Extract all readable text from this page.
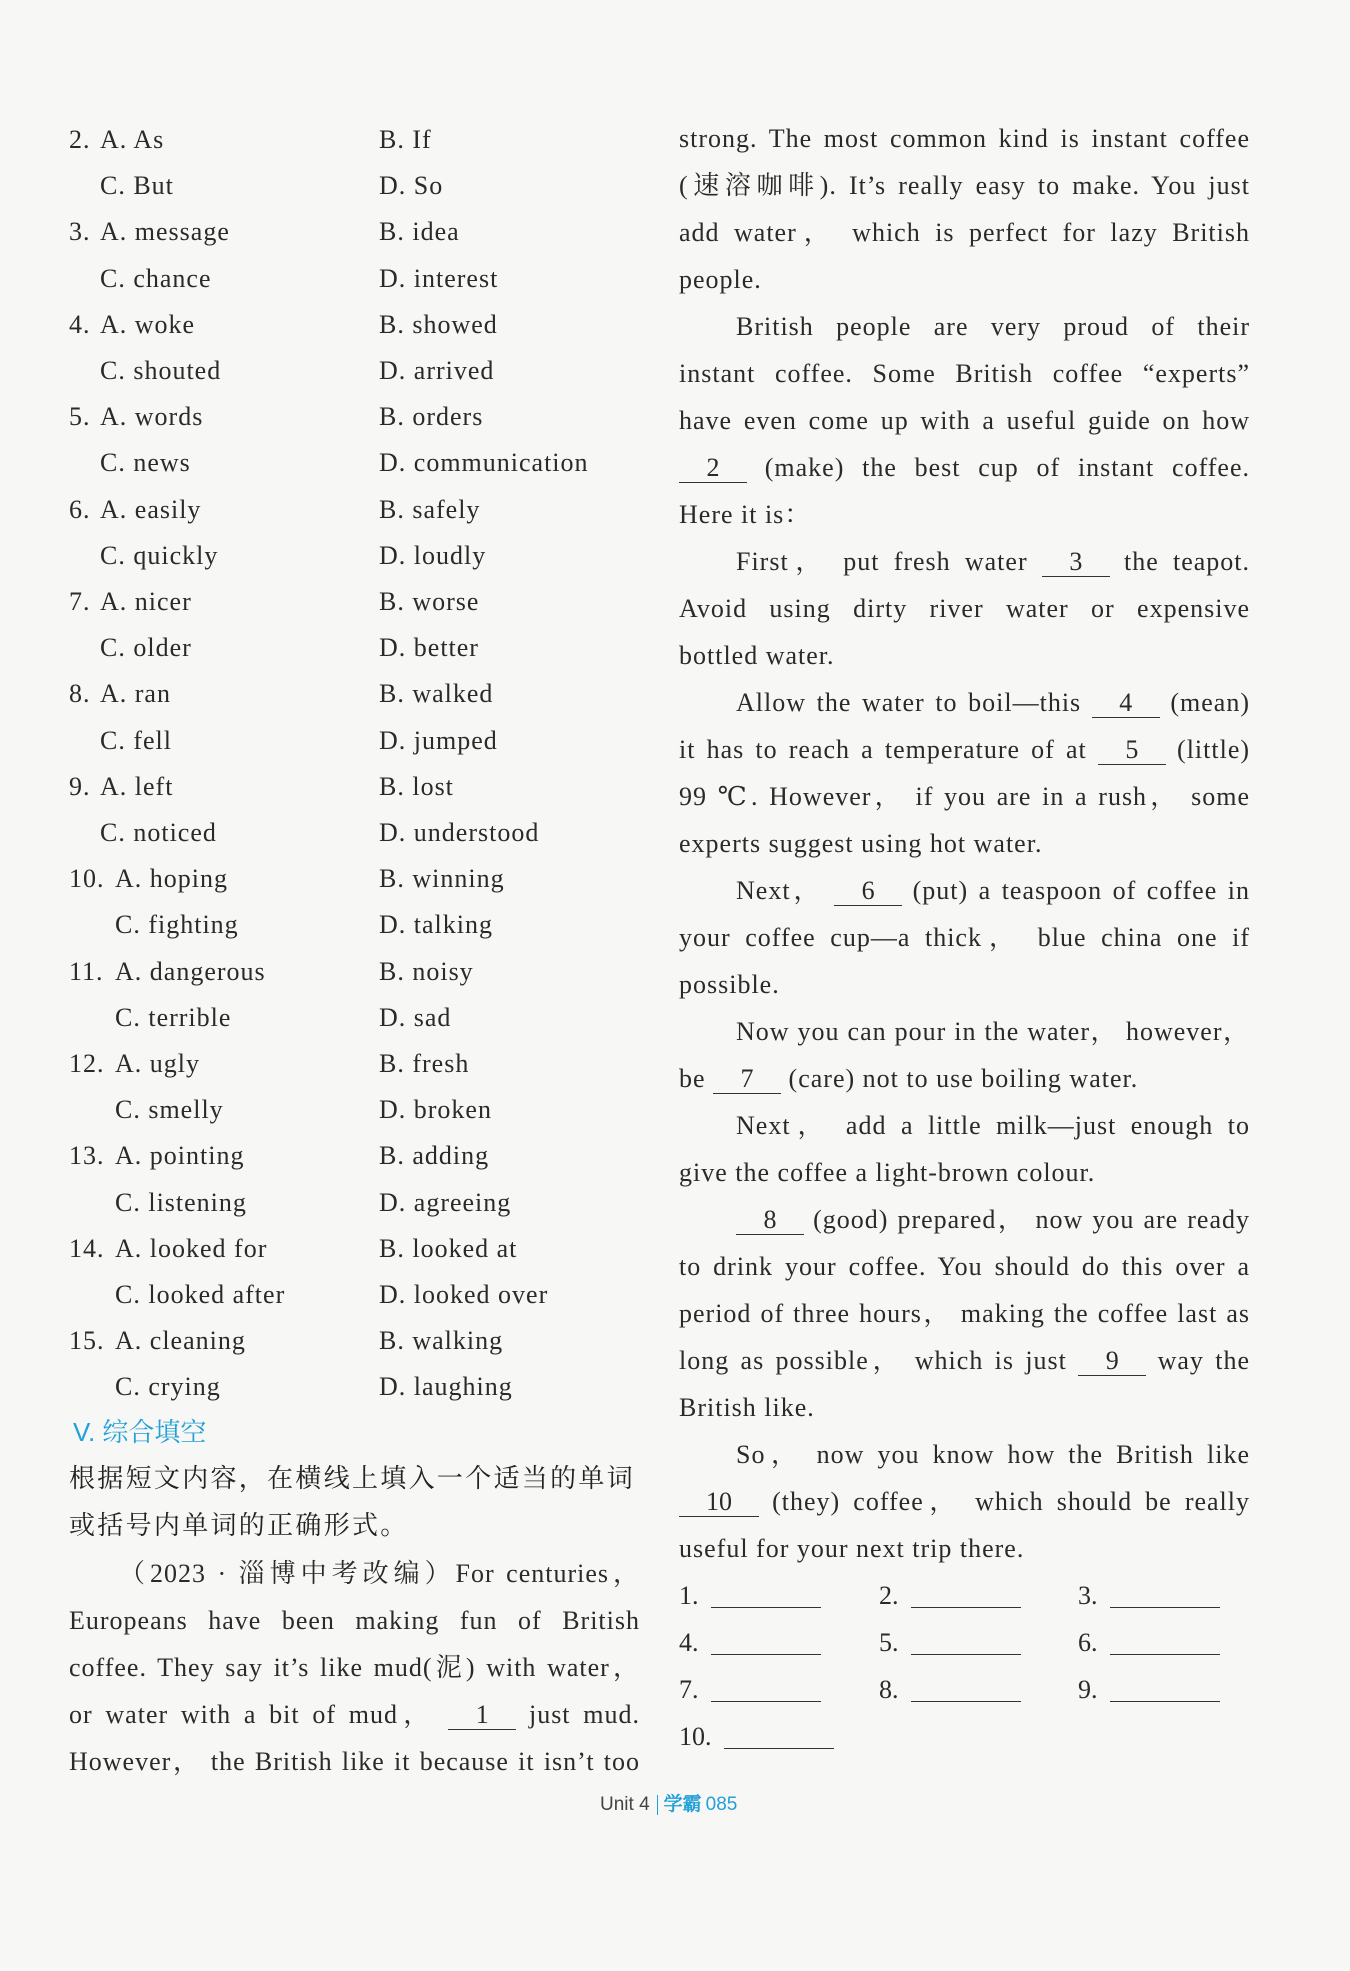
2. A. As	B. If
C. But	D. So
3. A. message	B. idea
C. chance	D. interest
4. A. woke	B. showed
C. shouted	D. arrived
5. A. words	B. orders
C. news	D. communication
6. A. easily	B. safely
C. quickly	D. loudly
7. A. nicer	B. worse
C. older	D. better
8. A. ran	B. walked
C. fell	D. jumped
9. A. left	B. lost
C. noticed	D. understood
10. A. hoping	B. winning
C. fighting	D. talking
11. A. dangerous	B. noisy
C. terrible	D. sad
12. A. ugly	B. fresh
C. smelly	D. broken
13. A. pointing	B. adding
C. listening	D. agreeing
14. A. looked for	B. looked at
C. looked after	D. looked over
15. A. cleaning	B. walking
C. crying	D. laughing
V. 综合填空
根据短文内容，在横线上填入一个适当的单词
或括号内单词的正确形式。
（2023 · 淄博中考改编）For centuries，
Europeans have been making fun of British
coffee. They say it’s like mud(泥) with water，
or water with a bit of mud， 1 just mud.
However， the British like it because it isn’t too
strong. The most common kind is instant coffee
(速溶咖啡). It’s really easy to make. You just
add water， which is perfect for lazy British
people.
British people are very proud of their
instant coffee. Some British coffee “experts”
have even come up with a useful guide on how
2 (make) the best cup of instant coffee.
Here it is：
First， put fresh water 3 the teapot.
Avoid using dirty river water or expensive
bottled water.
Allow the water to boil—this 4 (mean)
it has to reach a temperature of at 5 (little)
99 ℃. However， if you are in a rush， some
experts suggest using hot water.
Next， 6 (put) a teaspoon of coffee in
your coffee cup—a thick， blue china one if
possible.
Now you can pour in the water， however，
be 7 (care) not to use boiling water.
Next， add a little milk—just enough to
give the coffee a light-brown colour.
8 (good) prepared， now you are ready
to drink your coffee. You should do this over a
period of three hours， making the coffee last as
long as possible， which is just 9 way the
British like.
So， now you know how the British like
10 (they) coffee， which should be really
useful for your next trip there.
1.	2.	3.
4.	5.	6.
7.	8.	9.
10.
Unit 4 学霸 085
